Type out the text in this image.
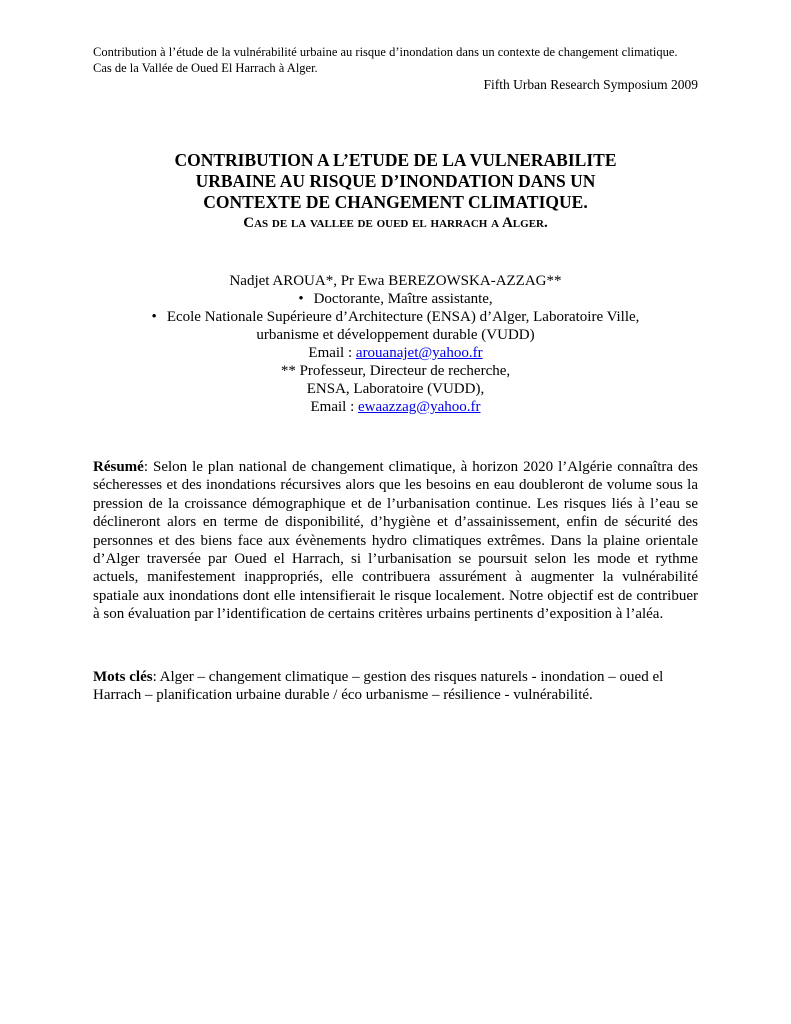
Contribution à l’étude de la vulnérabilité urbaine au risque d’inondation dans un contexte de changement climatique.
Cas de la Vallée de Oued El Harrach à Alger.
Fifth Urban Research Symposium 2009
CONTRIBUTION A L’ETUDE DE LA VULNERABILITE
URBAINE AU RISQUE D’INONDATION DANS UN
CONTEXTE DE CHANGEMENT CLIMATIQUE.
Cas de la vallee de oued el harrach a Alger.
Nadjet AROUA*, Pr Ewa BEREZOWSKA-AZZAG**
• Doctorante, Maître assistante,
• Ecole Nationale Supérieure d’Architecture (ENSA) d’Alger, Laboratoire Ville,
urbanisme et développement durable (VUDD)
Email : arouanajet@yahoo.fr
** Professeur, Directeur de recherche,
ENSA, Laboratoire (VUDD),
Email : ewaazzag@yahoo.fr
Résumé: Selon le plan national de changement climatique, à horizon 2020 l’Algérie connaîtra des sécheresses et des inondations récursives alors que les besoins en eau doubleront de volume sous la pression de la croissance démographique et de l’urbanisation continue. Les risques liés à l’eau se déclineront alors en terme de disponibilité, d’hygiène et d’assainissement, enfin de sécurité des personnes et des biens face aux évènements hydro climatiques extrêmes. Dans la plaine orientale d’Alger traversée par Oued el Harrach, si l’urbanisation se poursuit selon les mode et rythme actuels, manifestement inappropriés, elle contribuera assurément à augmenter la vulnérabilité spatiale aux inondations dont elle intensifierait le risque localement. Notre objectif est de contribuer à son évaluation par l’identification de certains critères urbains pertinents d’exposition à l’aléa.
Mots clés: Alger – changement climatique – gestion des risques naturels - inondation – oued el Harrach – planification urbaine durable / éco urbanisme – résilience - vulnérabilité.
